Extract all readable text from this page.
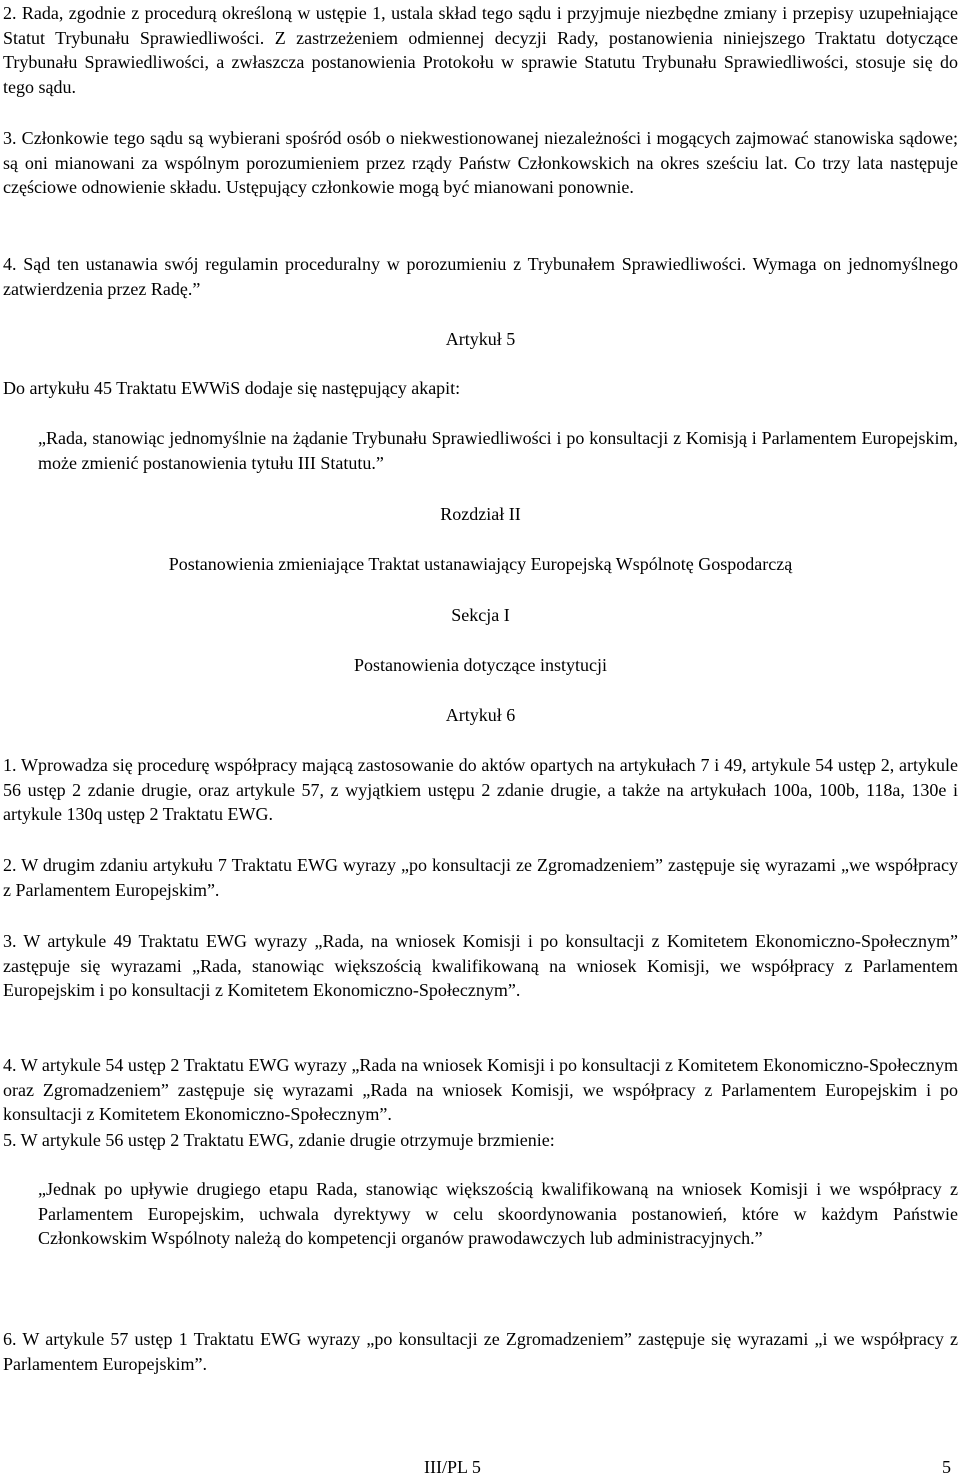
2. Rada, zgodnie z procedurą określoną w ustępie 1, ustala skład tego sądu i przyjmuje niezbędne zmiany i przepisy uzupełniające Statut Trybunału Sprawiedliwości. Z zastrzeżeniem odmiennej decyzji Rady, postanowienia niniejszego Traktatu dotyczące Trybunału Sprawiedliwości, a zwłaszcza postanowienia Protokołu w sprawie Statutu Trybunału Sprawiedliwości, stosuje się do tego sądu.

3. Członkowie tego sądu są wybierani spośród osób o niekwestionowanej niezależności i mogących zajmować stanowiska sądowe; są oni mianowani za wspólnym porozumieniem przez rządy Państw Członkowskich na okres sześciu lat. Co trzy lata następuje częściowe odnowienie składu. Ustępujący członkowie mogą być mianowani ponownie.

4. Sąd ten ustanawia swój regulamin proceduralny w porozumieniu z Trybunałem Sprawiedliwości. Wymaga on jednomyślnego zatwierdzenia przez Radę.”

Artykuł 5

Do artykułu 45 Traktatu EWWiS dodaje się następujący akapit:

„Rada, stanowiąc jednomyślnie na żądanie Trybunału Sprawiedliwości i po konsultacji z Komisją i Parlamentem Europejskim, może zmienić postanowienia tytułu III Statutu.”

Rozdział II

Postanowienia zmieniające Traktat ustanawiający Europejską Wspólnotę Gospodarczą

Sekcja I

Postanowienia dotyczące instytucji

Artykuł 6

1. Wprowadza się procedurę współpracy mającą zastosowanie do aktów opartych na artykułach 7 i 49, artykule 54 ustęp 2, artykule 56 ustęp 2 zdanie drugie, oraz artykule 57, z wyjątkiem ustępu 2 zdanie drugie, a także na artykułach 100a, 100b, 118a, 130e i artykule 130q ustęp 2 Traktatu EWG.

2. W drugim zdaniu artykułu 7 Traktatu EWG wyrazy „po konsultacji ze Zgromadzeniem” zastępuje się wyrazami „we współpracy z Parlamentem Europejskim”.

3. W artykule 49 Traktatu EWG wyrazy „Rada, na wniosek Komisji i po konsultacji z Komitetem Ekonomiczno-Społecznym” zastępuje się wyrazami „Rada, stanowiąc większością kwalifikowaną na wniosek Komisji, we współpracy z Parlamentem Europejskim i po konsultacji z Komitetem Ekonomiczno-Społecznym”.

4. W artykule 54 ustęp 2 Traktatu EWG wyrazy „Rada na wniosek Komisji i po konsultacji z Komitetem Ekonomiczno-Społecznym oraz Zgromadzeniem” zastępuje się wyrazami „Rada na wniosek Komisji, we współpracy z Parlamentem Europejskim i po konsultacji z Komitetem Ekonomiczno-Społecznym”.

5. W artykule 56 ustęp 2 Traktatu EWG, zdanie drugie otrzymuje brzmienie:

„Jednak po upływie drugiego etapu Rada, stanowiąc większością kwalifikowaną na wniosek Komisji i we współpracy z Parlamentem Europejskim, uchwala dyrektywy w celu skoordynowania postanowień, które w każdym Państwie Członkowskim Wspólnoty należą do kompetencji organów prawodawczych lub administracyjnych.”

6. W artykule 57 ustęp 1 Traktatu EWG wyrazy „po konsultacji ze Zgromadzeniem” zastępuje się wyrazami „i we współpracy z Parlamentem Europejskim”.

III/PL 5	5
